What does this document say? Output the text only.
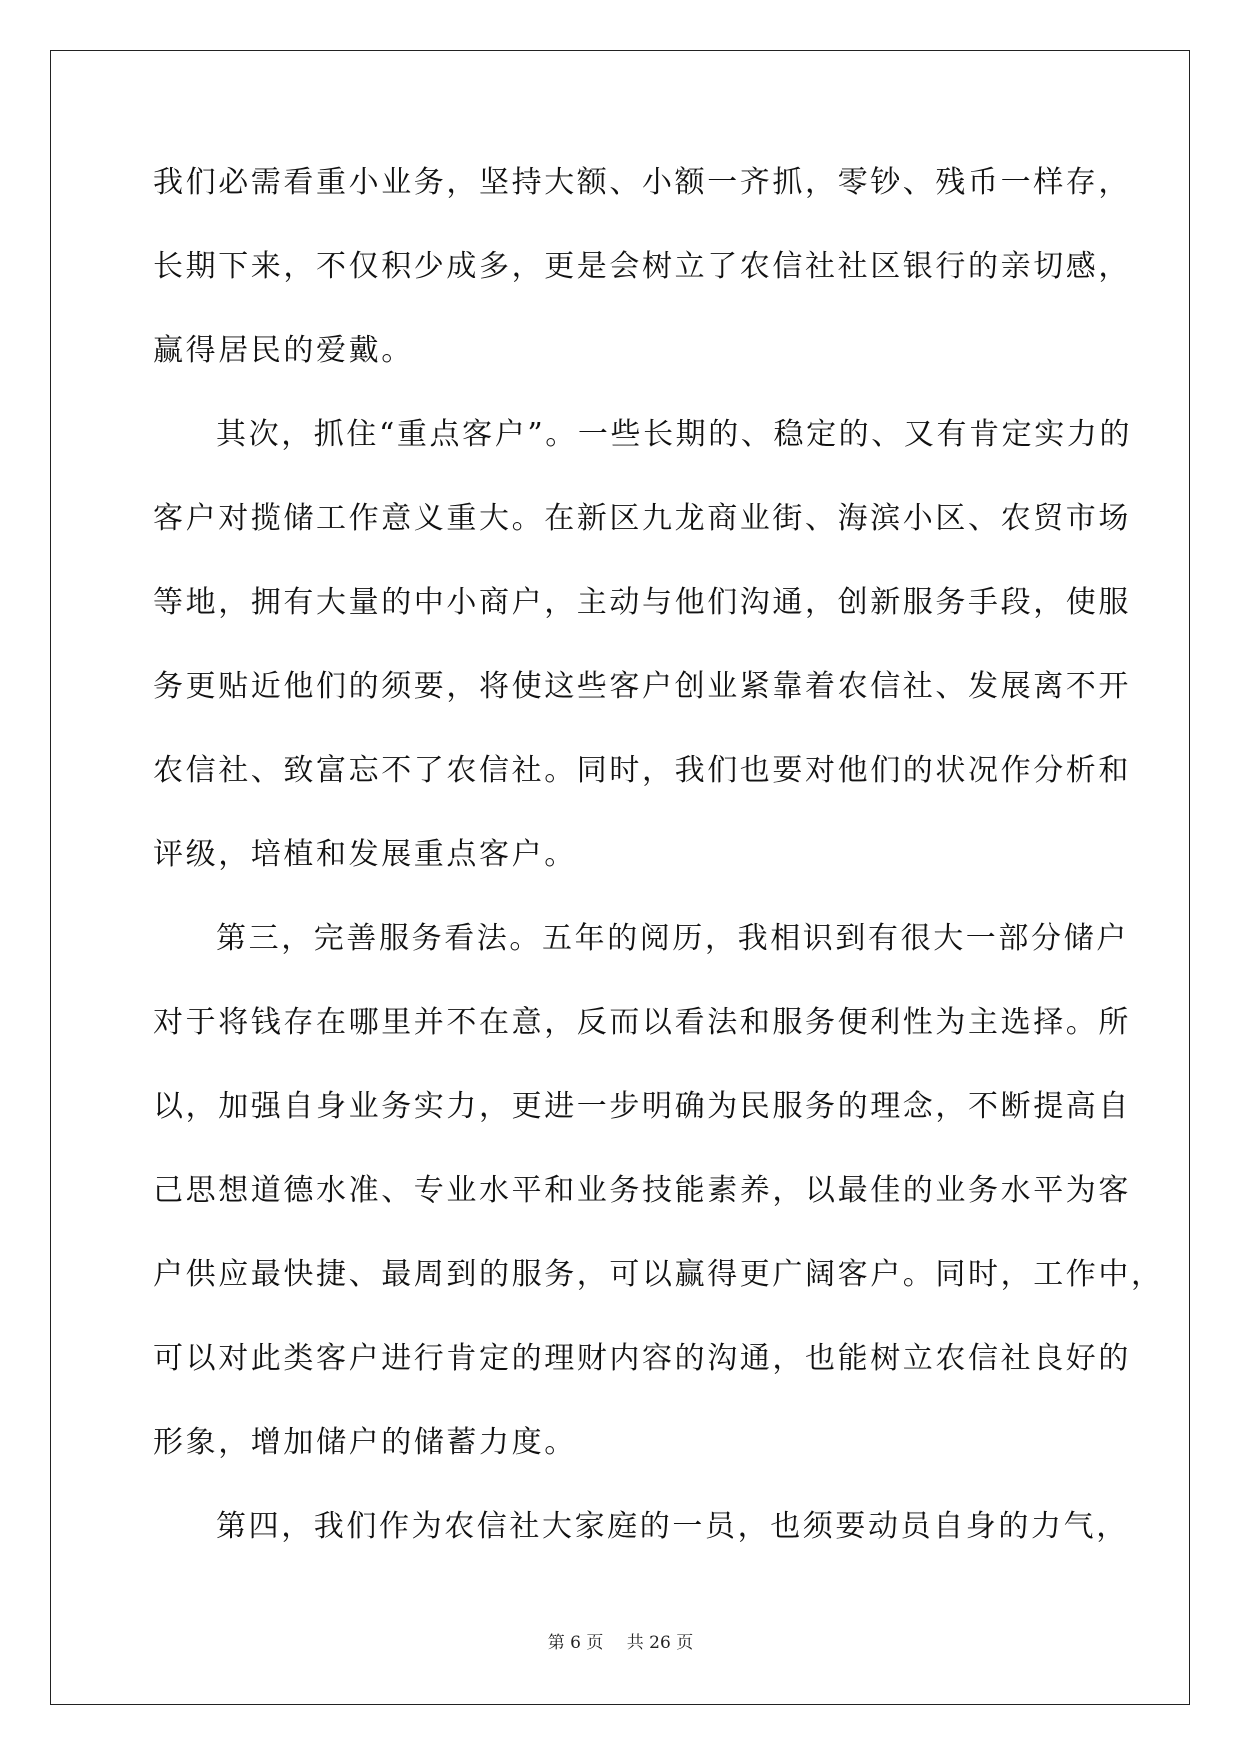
我们必需看重小业务，坚持大额、小额一齐抓，零钞、残币一样存，
长期下来，不仅积少成多，更是会树立了农信社社区银行的亲切感，
赢得居民的爱戴。
其次，抓住“重点客户”。一些长期的、稳定的、又有肯定实力的
客户对揽储工作意义重大。在新区九龙商业街、海滨小区、农贸市场
等地，拥有大量的中小商户，主动与他们沟通，创新服务手段，使服
务更贴近他们的须要，将使这些客户创业紧靠着农信社、发展离不开
农信社、致富忘不了农信社。同时，我们也要对他们的状况作分析和
评级，培植和发展重点客户。
第三，完善服务看法。五年的阅历，我相识到有很大一部分储户
对于将钱存在哪里并不在意，反而以看法和服务便利性为主选择。所
以，加强自身业务实力，更进一步明确为民服务的理念，不断提高自
己思想道德水准、专业水平和业务技能素养，以最佳的业务水平为客
户供应最快捷、最周到的服务，可以赢得更广阔客户。同时，工作中，
可以对此类客户进行肯定的理财内容的沟通，也能树立农信社良好的
形象，增加储户的储蓄力度。
第四，我们作为农信社大家庭的一员，也须要动员自身的力气，
第 6 页 共 26 页
